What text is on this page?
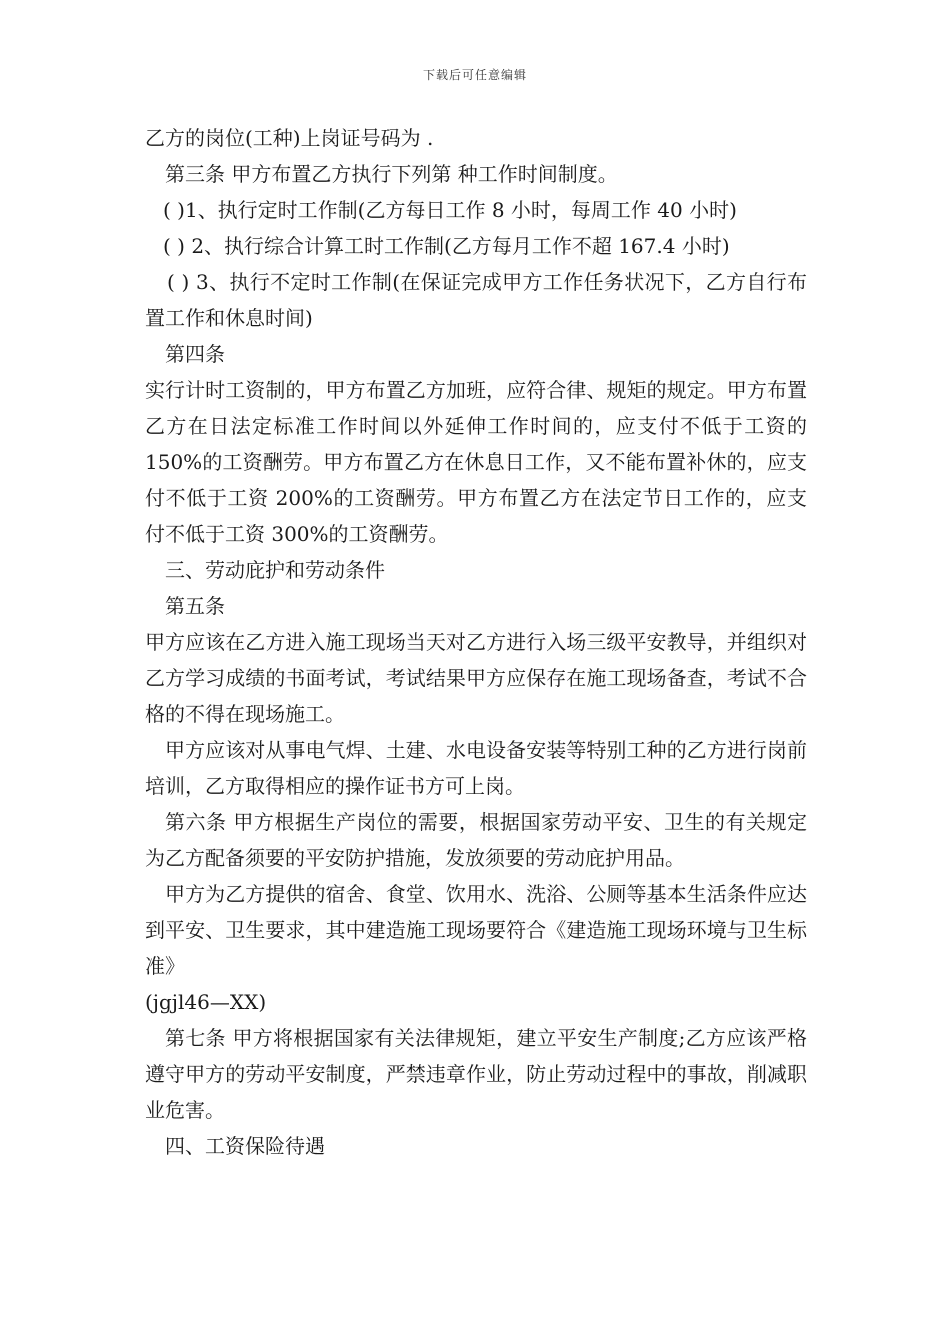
下载后可任意编辑

乙方的岗位(工种)上岗证号码为 .

第三条 甲方布置乙方执行下列第 种工作时间制度。

( )1、执行定时工作制(乙方每日工作 8 小时，每周工作 40 小时)

( ) 2、执行综合计算工时工作制(乙方每月工作不超 167.4 小时)

( ) 3、执行不定时工作制(在保证完成甲方工作任务状况下，乙方自行布置工作和休息时间)

第四条

实行计时工资制的，甲方布置乙方加班，应符合律、规矩的规定。甲方布置乙方在日法定标准工作时间以外延伸工作时间的，应支付不低于工资的 150%的工资酬劳。甲方布置乙方在休息日工作，又不能布置补休的，应支付不低于工资 200%的工资酬劳。甲方布置乙方在法定节日工作的，应支付不低于工资 300%的工资酬劳。

三、劳动庇护和劳动条件

第五条

甲方应该在乙方进入施工现场当天对乙方进行入场三级平安教导，并组织对乙方学习成绩的书面考试，考试结果甲方应保存在施工现场备查，考试不合格的不得在现场施工。

甲方应该对从事电气焊、土建、水电设备安装等特别工种的乙方进行岗前培训，乙方取得相应的操作证书方可上岗。

第六条 甲方根据生产岗位的需要，根据国家劳动平安、卫生的有关规定为乙方配备须要的平安防护措施，发放须要的劳动庇护用品。

甲方为乙方提供的宿舍、食堂、饮用水、洗浴、公厕等基本生活条件应达到平安、卫生要求，其中建造施工现场要符合《建造施工现场环境与卫生标准》

(jgjl46—XX)

第七条 甲方将根据国家有关法律规矩，建立平安生产制度;乙方应该严格遵守甲方的劳动平安制度，严禁违章作业，防止劳动过程中的事故，削减职业危害。

四、工资保险待遇
